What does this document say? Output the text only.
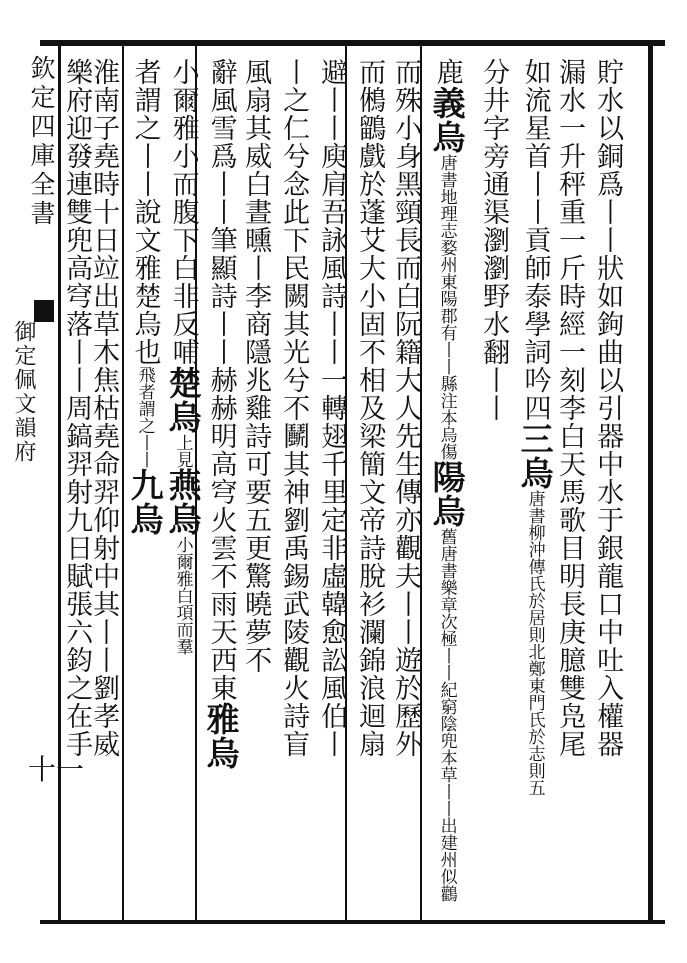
欽定四庫全書
御定佩文韻府
十一
貯水以銅爲丨丨狀如鉤曲以引器中水于銀龍口中吐入權器
漏水一升秤重一斤時經一刻李白天馬歌目明長庚臆雙凫尾
如流星首丨丨貢師泰學詞吟四三烏唐書柳沖傳氏於居則北鄭東門氏於志則五
分井字旁通渠瀏瀏野水翻丨丨
鹿義烏唐書地理志婺州東陽郡有丨丨縣注本烏傷陽烏舊唐書樂章次極丨丨紀窮陰兜本草丨丨出建州似鸛
而殊小身黑頸長而白阮籍大人先生傳亦觀夫丨丨遊於歷外
而鵂鶹戲於蓬艾大小固不相及梁簡文帝詩脫衫瀾錦浪迴扇
避丨丨庾肩吾詠風詩丨丨一轉翅千里定非虛韓愈訟風伯丨
丨之仁兮念此下民闕其光兮不鬭其神劉禹錫武陵觀火詩盲
風扇其威白晝曛丨李商隱兆雞詩可要五更驚曉夢不
辭風雪爲丨丨筆顯詩丨丨赫赫明高穹火雲不雨天西東雅烏
小爾雅小而腹下白非反哺楚烏上見燕烏小爾雅白項而羣
者謂之丨丨說文雅楚烏也飛者謂之丨丨九烏
淮南子堯時十日竝出草木焦枯堯命羿仰射中其丨丨劉孝威
樂府迎發連雙兜高穹落丨丨周鎬羿射九日賦張六鈞之在手
